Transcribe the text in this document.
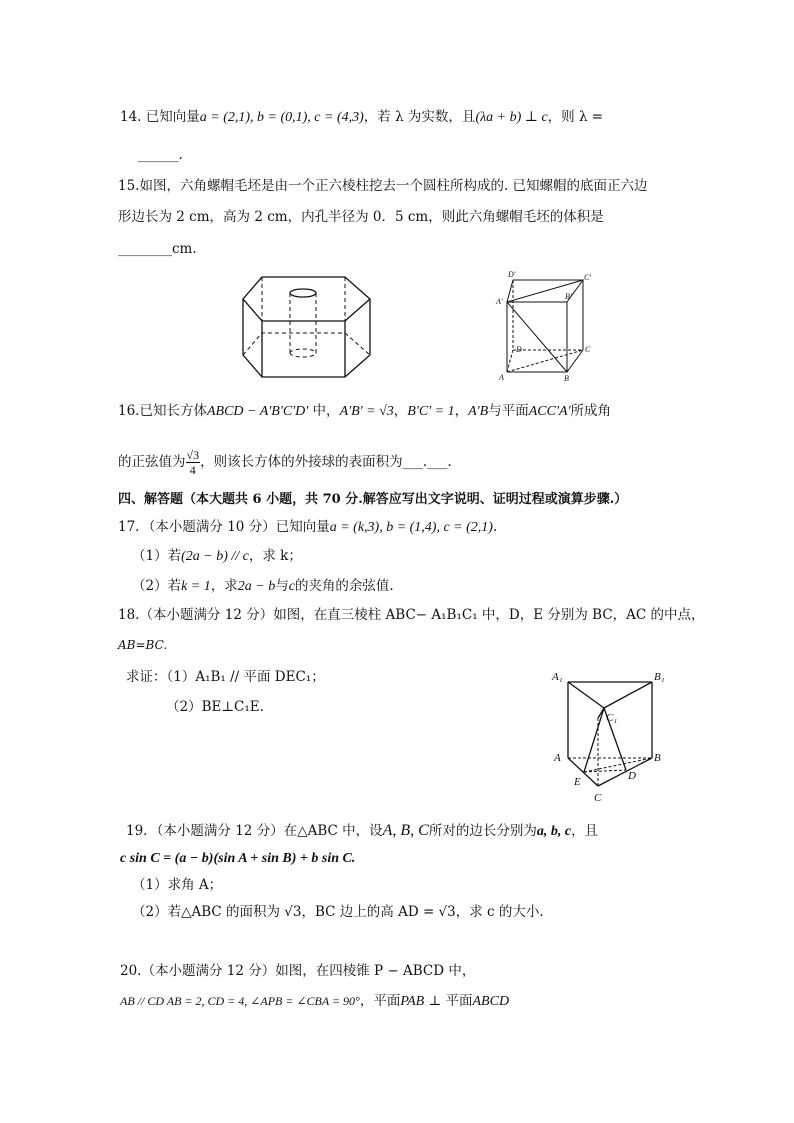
14. 已知向量a = (2,1), b = (0,1), c = (4,3)，若 λ 为实数，且(λa + b) ⊥ c，则 λ =
______.
15.如图，六角螺帽毛坯是由一个正六棱柱挖去一个圆柱所构成的. 已知螺帽的底面正六边
形边长为 2 cm，高为 2 cm，内孔半径为 0．5 cm，则此六角螺帽毛坯的体积是
________cm.
D'	C'
A'
B'
D	C
A	B
16.已知长方体ABCD − A'B'C'D' 中，A'B' = √3，B'C' = 1，A'B与平面ACC'A'所成角
的正弦值为 $\frac{√3}{4}$ ，则该长方体的外接球的表面积为___.___.
四、解答题（本大题共 6 小题，共 70 分.解答应写出文字说明、证明过程或演算步骤.）
17．（本小题满分 10 分）已知向量a = (k,3), b = (1,4), c = (2,1).
（1）若(2a − b) // c，求 k；
（2）若k = 1，求2a − b与c的夹角的余弦值.
18.（本小题满分 12 分）如图，在直三棱柱 ABC− A₁B₁C₁ 中，D，E 分别为 BC，AC 的中点，
AB=BC.
求证：（1）A₁B₁ // 平面 DEC₁；
（2）BE⊥C₁E.
A₁	B₁
C₁
A	B
C
D
E
19．（本小题满分 12 分）在△ABC 中，设A, B, C所对的边长分别为a, b, c，且
c sin C = (a − b)(sin A + sin B) + b sin C.
（1）求角 A；
（2）若△ABC 的面积为 √3，BC 边上的高 AD = √3，求 c 的大小.
20.（本小题满分 12 分）如图，在四棱锥 P − ABCD 中，
AB // CD AB = 2, CD = 4, ∠APB = ∠CBA = 90°，平面PAB ⊥ 平面ABCD
